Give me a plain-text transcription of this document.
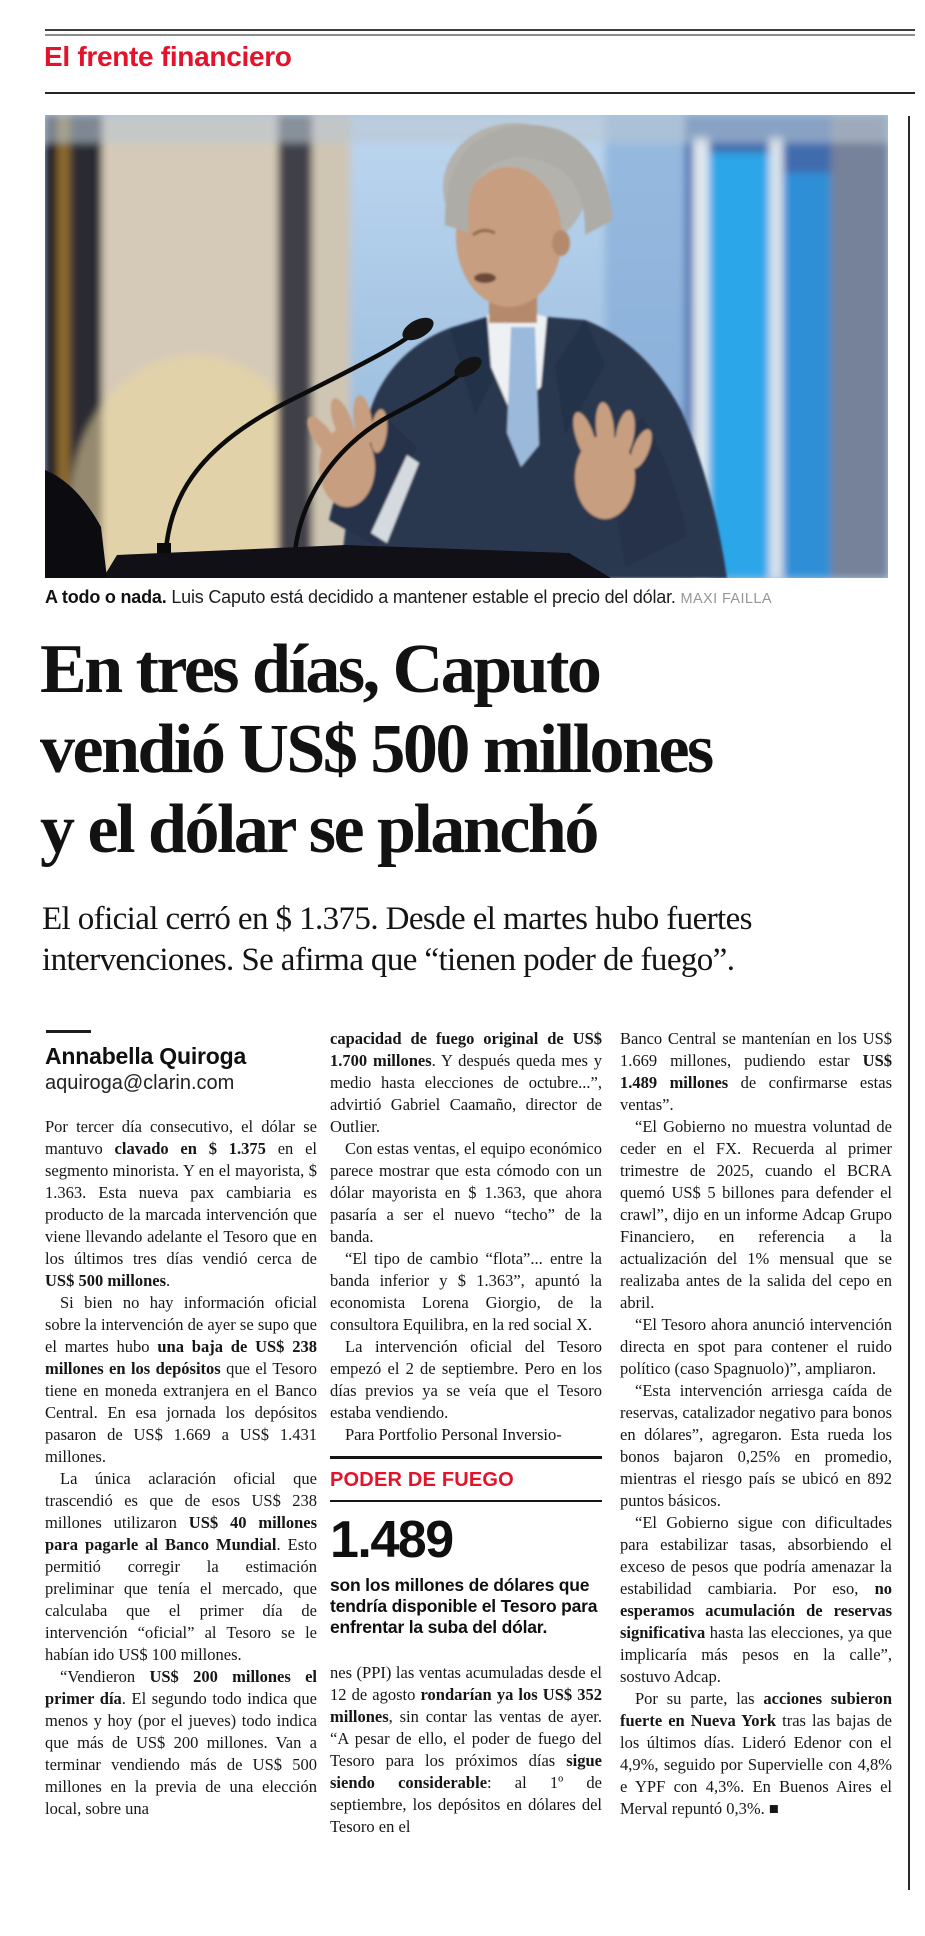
El frente financiero
A todo o nada. Luis Caputo está decidido a mantener estable el precio del dólar. MAXI FAILLA
En tres días, Caputo
vendió US$ 500 millones
y el dólar se planchó
El oficial cerró en $ 1.375. Desde el martes hubo fuertes
intervenciones. Se afirma que “tienen poder de fuego”.
Annabella Quiroga
aquiroga@clarin.com

Por tercer día consecutivo, el dólar se mantuvo clavado en $ 1.375 en el segmento minorista. Y en el mayorista, $ 1.363. Esta nueva pax cambiaria es producto de la marcada intervención que viene llevando adelante el Tesoro que en los últimos tres días vendió cerca de US$ 500 millones.

Si bien no hay información oficial sobre la intervención de ayer se supo que el martes hubo una baja de US$ 238 millones en los depósitos que el Tesoro tiene en moneda extranjera en el Banco Central. En esa jornada los depósitos pasaron de US$ 1.669 a US$ 1.431 millones.

La única aclaración oficial que trascendió es que de esos US$ 238 millones utilizaron US$ 40 millones para pagarle al Banco Mundial. Esto permitió corregir la estimación preliminar que tenía el mercado, que calculaba que el primer día de intervención “oficial” al Tesoro se le habían ido US$ 100 millones.

“Vendieron US$ 200 millones el primer día. El segundo todo indica que menos y hoy (por el jueves) todo indica que más de US$ 200 millones. Van a terminar vendiendo más de US$ 500 millones en la previa de una elección local, sobre una

capacidad de fuego original de US$ 1.700 millones. Y después queda mes y medio hasta elecciones de octubre...”, advirtió Gabriel Caamaño, director de Outlier.

Con estas ventas, el equipo económico parece mostrar que esta cómodo con un dólar mayorista en $ 1.363, que ahora pasaría a ser el nuevo “techo” de la banda.

“El tipo de cambio “flota”... entre la banda inferior y $ 1.363”, apuntó la economista Lorena Giorgio, de la consultora Equilibra, en la red social X.

La intervención oficial del Tesoro empezó el 2 de septiembre. Pero en los días previos ya se veía que el Tesoro estaba vendiendo.

Para Portfolio Personal Inversio-

PODER DE FUEGO
1.489
son los millones de dólares que tendría disponible el Tesoro para enfrentar la suba del dólar.

nes (PPI) las ventas acumuladas desde el 12 de agosto rondarían ya los US$ 352 millones, sin contar las ventas de ayer. “A pesar de ello, el poder de fuego del Tesoro para los próximos días sigue siendo considerable: al 1º de septiembre, los depósitos en dólares del Tesoro en el

Banco Central se mantenían en los US$ 1.669 millones, pudiendo estar US$ 1.489 millones de confirmarse estas ventas”.

“El Gobierno no muestra voluntad de ceder en el FX. Recuerda al primer trimestre de 2025, cuando el BCRA quemó US$ 5 billones para defender el crawl”, dijo en un informe Adcap Grupo Financiero, en referencia a la actualización del 1% mensual que se realizaba antes de la salida del cepo en abril.

“El Tesoro ahora anunció intervención directa en spot para contener el ruido político (caso Spagnuolo)”, ampliaron.

“Esta intervención arriesga caída de reservas, catalizador negativo para bonos en dólares”, agregaron. Esta rueda los bonos bajaron 0,25% en promedio, mientras el riesgo país se ubicó en 892 puntos básicos.

“El Gobierno sigue con dificultades para estabilizar tasas, absorbiendo el exceso de pesos que podría amenazar la estabilidad cambiaria. Por eso, no esperamos acumulación de reservas significativa hasta las elecciones, ya que implicaría más pesos en la calle”, sostuvo Adcap.

Por su parte, las acciones subieron fuerte en Nueva York tras las bajas de los últimos días. Lideró Edenor con el 4,9%, seguido por Supervielle con 4,8% e YPF con 4,3%. En Buenos Aires el Merval repuntó 0,3%. ■
